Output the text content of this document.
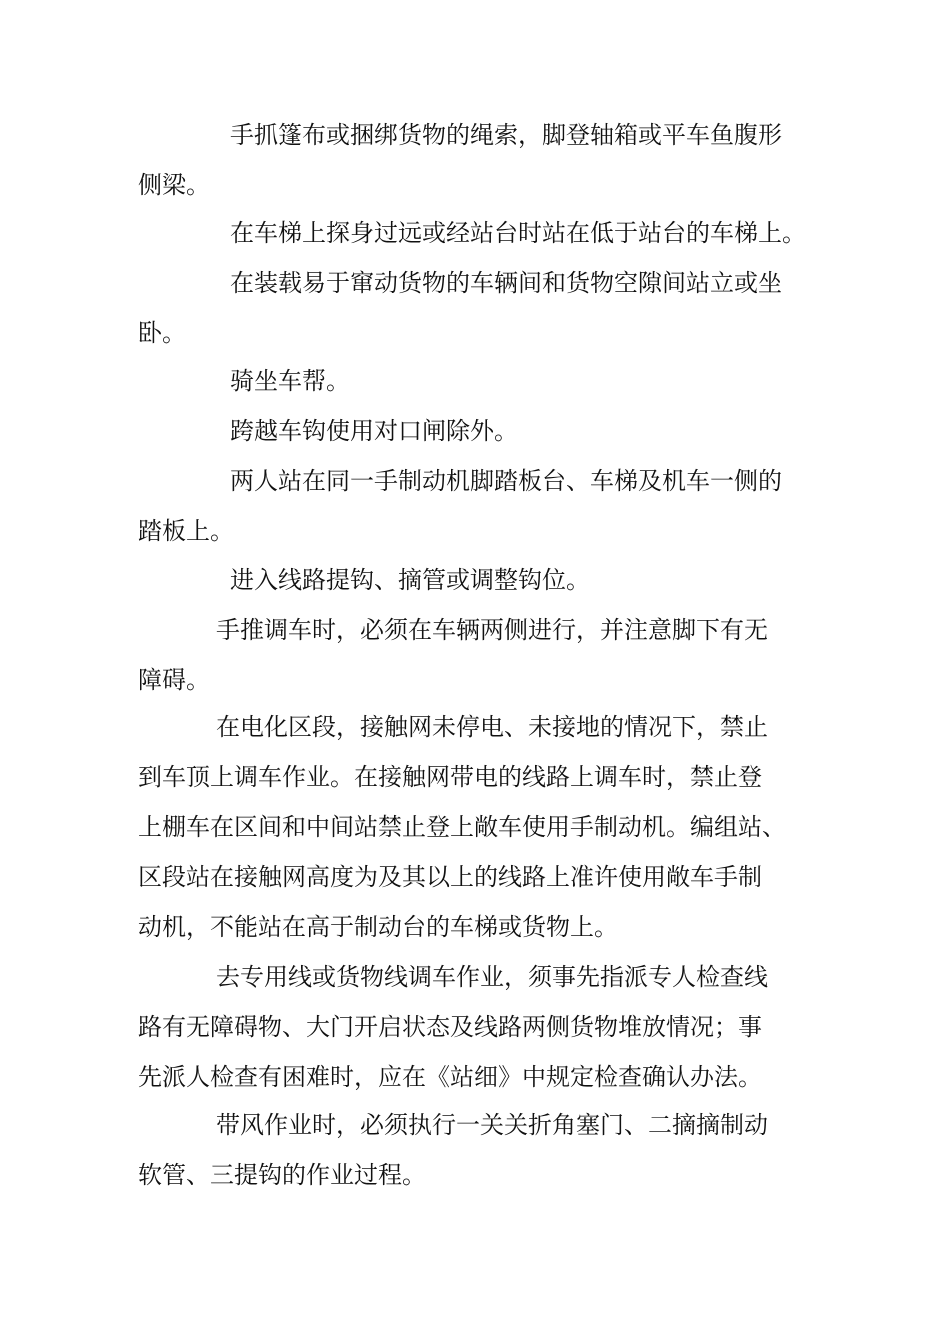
手抓篷布或捆绑货物的绳索，脚登轴箱或平车鱼腹形
侧梁。
在车梯上探身过远或经站台时站在低于站台的车梯上。
在装载易于窜动货物的车辆间和货物空隙间站立或坐
卧。
骑坐车帮。
跨越车钩使用对口闸除外。
两人站在同一手制动机脚踏板台、车梯及机车一侧的
踏板上。
进入线路提钩、摘管或调整钩位。
手推调车时，必须在车辆两侧进行，并注意脚下有无
障碍。
在电化区段，接触网未停电、未接地的情况下，禁止
到车顶上调车作业。在接触网带电的线路上调车时，禁止登
上棚车在区间和中间站禁止登上敞车使用手制动机。编组站、
区段站在接触网高度为及其以上的线路上准许使用敞车手制
动机，不能站在高于制动台的车梯或货物上。
去专用线或货物线调车作业，须事先指派专人检查线
路有无障碍物、大门开启状态及线路两侧货物堆放情况；事
先派人检查有困难时，应在《站细》中规定检查确认办法。
带风作业时，必须执行一关关折角塞门、二摘摘制动
软管、三提钩的作业过程。
